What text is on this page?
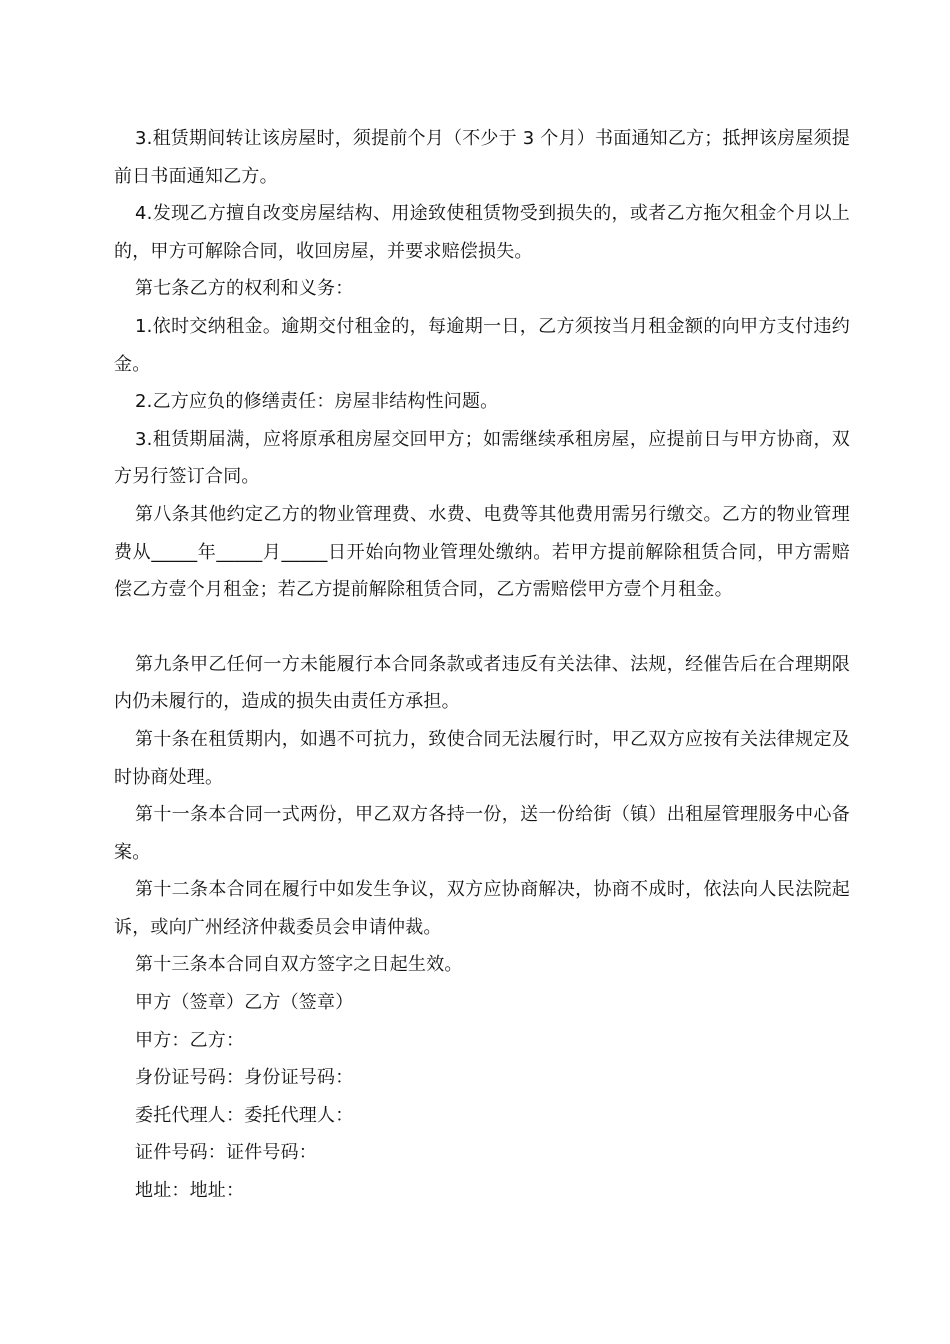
3.租赁期间转让该房屋时，须提前个月（不少于 3 个月）书面通知乙方；抵押该房屋须提前日书面通知乙方。

4.发现乙方擅自改变房屋结构、用途致使租赁物受到损失的，或者乙方拖欠租金个月以上的，甲方可解除合同，收回房屋，并要求赔偿损失。

第七条乙方的权利和义务：

1.依时交纳租金。逾期交付租金的，每逾期一日，乙方须按当月租金额的向甲方支付违约金。

2.乙方应负的修缮责任：房屋非结构性问题。

3.租赁期届满，应将原承租房屋交回甲方；如需继续承租房屋，应提前日与甲方协商，双方另行签订合同。

第八条其他约定乙方的物业管理费、水费、电费等其他费用需另行缴交。乙方的物业管理费从_____年_____月_____日开始向物业管理处缴纳。若甲方提前解除租赁合同，甲方需赔偿乙方壹个月租金；若乙方提前解除租赁合同，乙方需赔偿甲方壹个月租金。

第九条甲乙任何一方未能履行本合同条款或者违反有关法律、法规，经催告后在合理期限内仍未履行的，造成的损失由责任方承担。

第十条在租赁期内，如遇不可抗力，致使合同无法履行时，甲乙双方应按有关法律规定及时协商处理。

第十一条本合同一式两份，甲乙双方各持一份，送一份给街（镇）出租屋管理服务中心备案。

第十二条本合同在履行中如发生争议，双方应协商解决，协商不成时，依法向人民法院起诉，或向广州经济仲裁委员会申请仲裁。

第十三条本合同自双方签字之日起生效。

甲方（签章）乙方（签章）

甲方：乙方：

身份证号码：身份证号码：

委托代理人：委托代理人：

证件号码：证件号码：

地址：地址：
